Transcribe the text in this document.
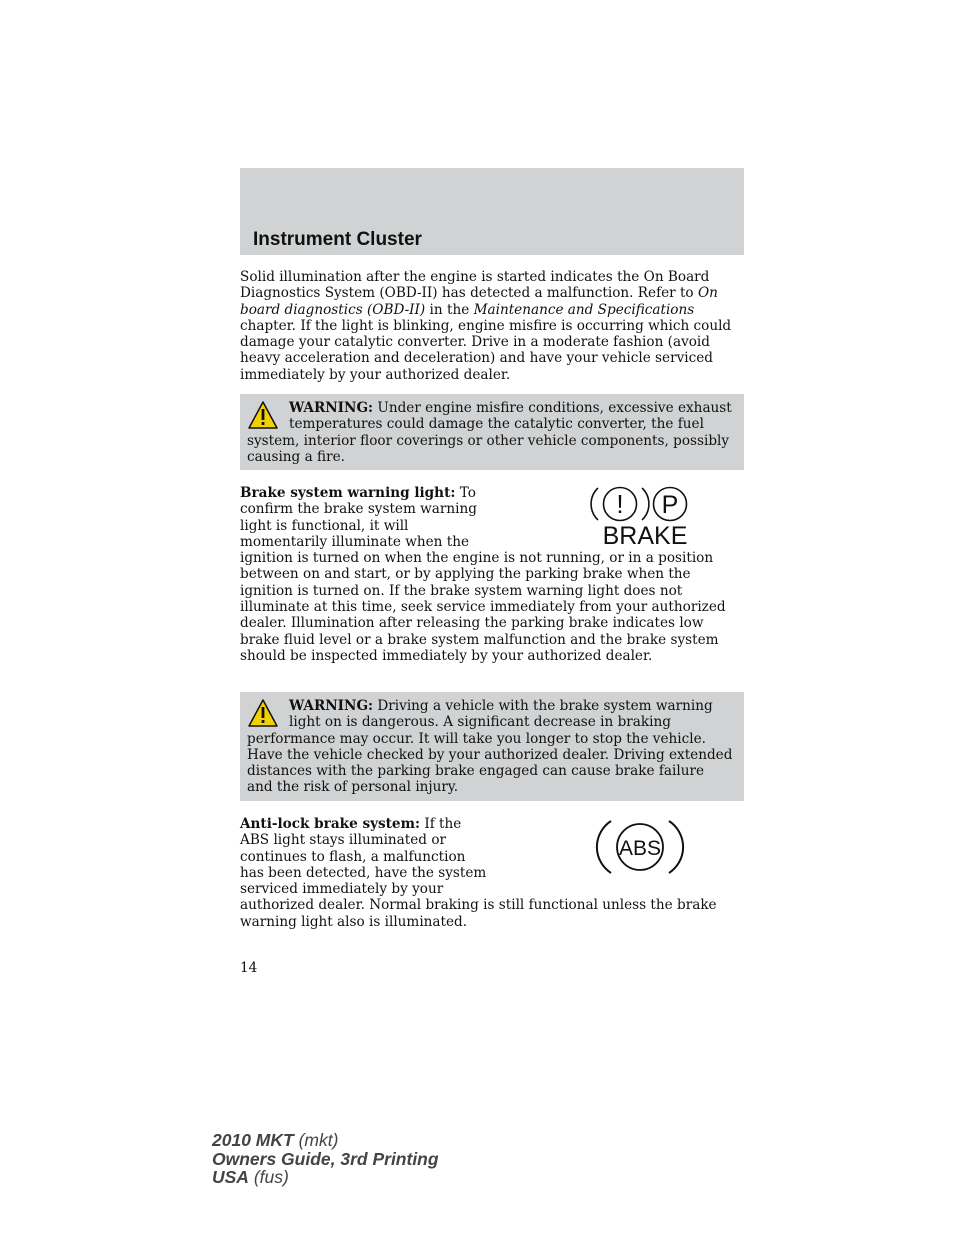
Instrument Cluster
Solid illumination after the engine is started indicates the On Board Diagnostics System (OBD-II) has detected a malfunction. Refer to On board diagnostics (OBD-II) in the Maintenance and Specifications chapter. If the light is blinking, engine misfire is occurring which could damage your catalytic converter. Drive in a moderate fashion (avoid heavy acceleration and deceleration) and have your vehicle serviced immediately by your authorized dealer.
WARNING: Under engine misfire conditions, excessive exhaust temperatures could damage the catalytic converter, the fuel system, interior floor coverings or other vehicle components, possibly causing a fire.
! P
BRAKE
Brake system warning light: To confirm the brake system warning light is functional, it will momentarily illuminate when the ignition is turned on when the engine is not running, or in a position between on and start, or by applying the parking brake when the ignition is turned on. If the brake system warning light does not illuminate at this time, seek service immediately from your authorized dealer. Illumination after releasing the parking brake indicates low brake fluid level or a brake system malfunction and the brake system should be inspected immediately by your authorized dealer.
WARNING: Driving a vehicle with the brake system warning light on is dangerous. A significant decrease in braking performance may occur. It will take you longer to stop the vehicle. Have the vehicle checked by your authorized dealer. Driving extended distances with the parking brake engaged can cause brake failure and the risk of personal injury.
ABS
Anti-lock brake system: If the ABS light stays illuminated or continues to flash, a malfunction has been detected, have the system serviced immediately by your authorized dealer. Normal braking is still functional unless the brake warning light also is illuminated.
14
2010 MKT (mkt)
Owners Guide, 3rd Printing
USA (fus)
